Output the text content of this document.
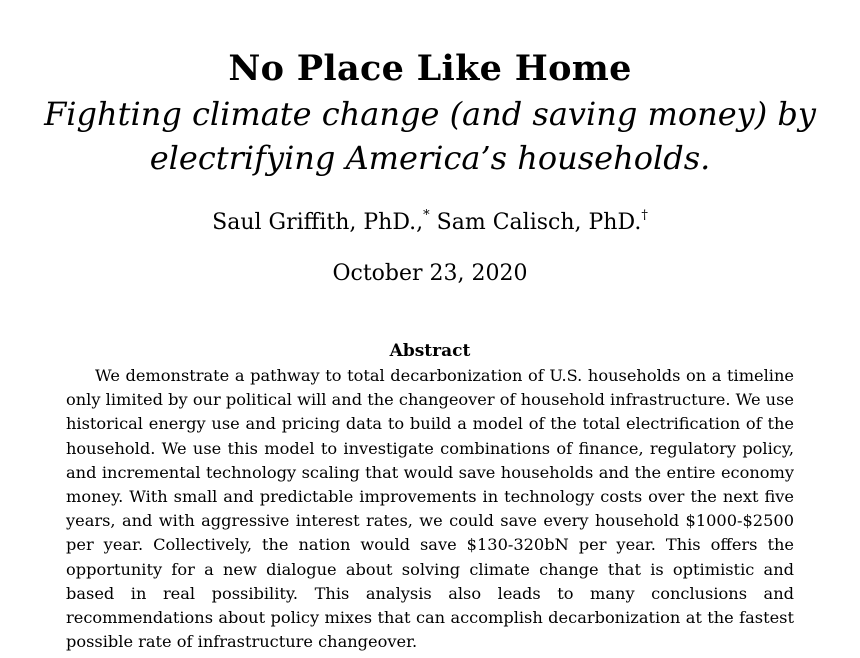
No Place Like Home
Fighting climate change (and saving money) by electrifying America’s households.
Saul Griffith, PhD.,* Sam Calisch, PhD.†
October 23, 2020
Abstract
We demonstrate a pathway to total decarbonization of U.S. households on a timeline only limited by our political will and the changeover of household infrastructure. We use historical energy use and pricing data to build a model of the total electrification of the household. We use this model to investigate combinations of finance, regulatory policy, and incremental technology scaling that would save households and the entire economy money. With small and predictable improvements in technology costs over the next five years, and with aggressive interest rates, we could save every household $1000-$2500 per year. Collectively, the nation would save $130-320bN per year. This offers the opportunity for a new dialogue about solving climate change that is optimistic and based in real possibility. This analysis also leads to many conclusions and recommendations about policy mixes that can accomplish decarbonization at the fastest possible rate of infrastructure changeover.
